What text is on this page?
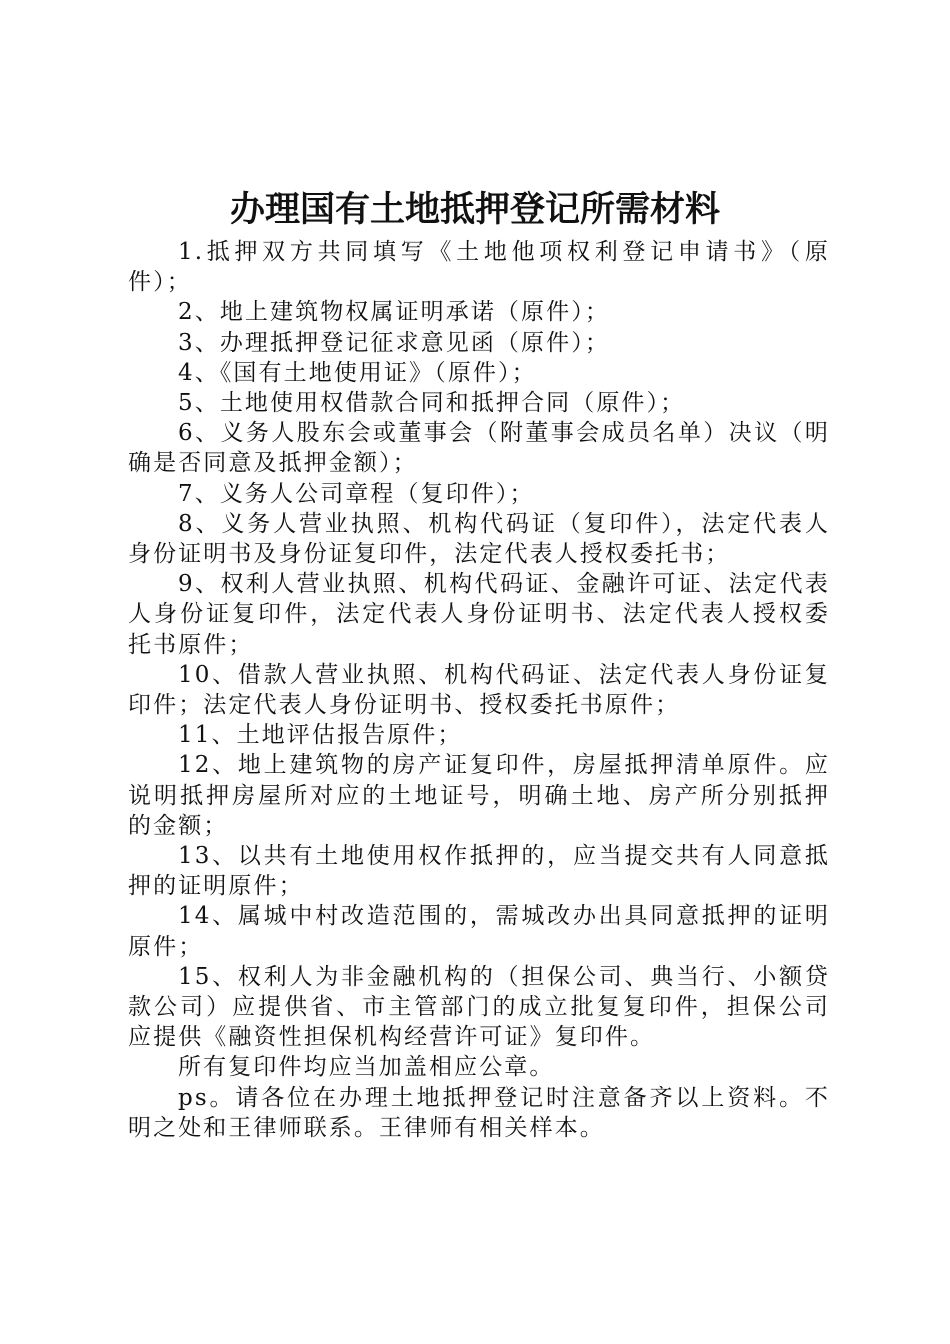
办理国有土地抵押登记所需材料

1.抵押双方共同填写《土地他项权利登记申请书》（原件）；

2、地上建筑物权属证明承诺（原件）；

3、办理抵押登记征求意见函（原件）；

4、《国有土地使用证》（原件）；

5、土地使用权借款合同和抵押合同（原件）；

6、义务人股东会或董事会（附董事会成员名单）决议（明确是否同意及抵押金额）；

7、义务人公司章程（复印件）；

8、义务人营业执照、机构代码证（复印件），法定代表人身份证明书及身份证复印件，法定代表人授权委托书；

9、权利人营业执照、机构代码证、金融许可证、法定代表人身份证复印件，法定代表人身份证明书、法定代表人授权委托书原件；

10、借款人营业执照、机构代码证、法定代表人身份证复印件；法定代表人身份证明书、授权委托书原件；

11、土地评估报告原件；

12、地上建筑物的房产证复印件，房屋抵押清单原件。应说明抵押房屋所对应的土地证号，明确土地、房产所分别抵押的金额；

13、以共有土地使用权作抵押的，应当提交共有人同意抵押的证明原件；

14、属城中村改造范围的，需城改办出具同意抵押的证明原件；

15、权利人为非金融机构的（担保公司、典当行、小额贷款公司）应提供省、市主管部门的成立批复复印件，担保公司应提供《融资性担保机构经营许可证》复印件。

所有复印件均应当加盖相应公章。

ps。请各位在办理土地抵押登记时注意备齐以上资料。不明之处和王律师联系。王律师有相关样本。
